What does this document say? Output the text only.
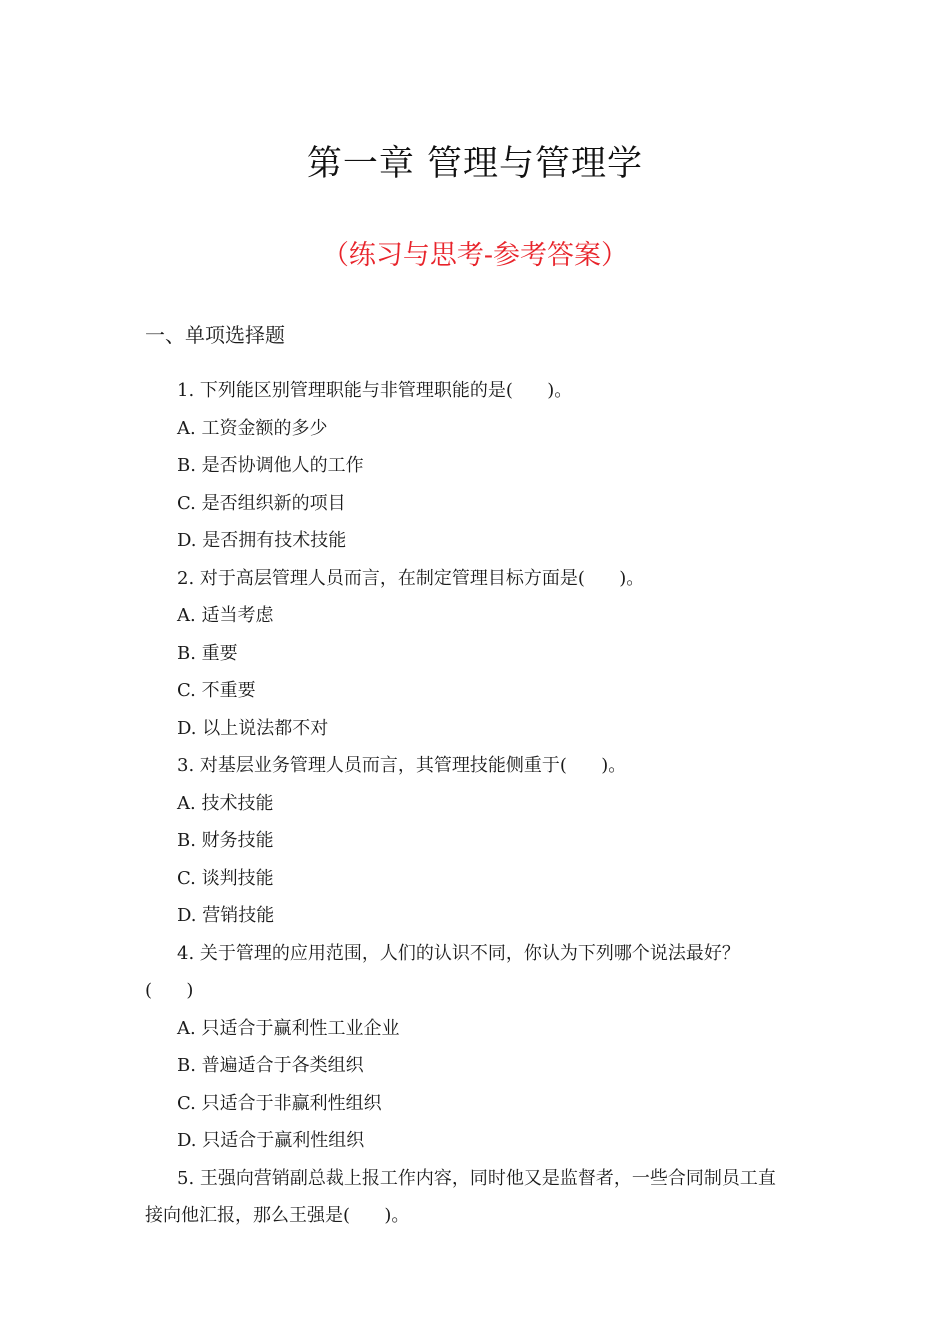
第一章 管理与管理学
（练习与思考-参考答案）
一、单项选择题
1. 下列能区别管理职能与非管理职能的是(      )。
A. 工资金额的多少
B. 是否协调他人的工作
C. 是否组织新的项目
D. 是否拥有技术技能
2. 对于高层管理人员而言，在制定管理目标方面是(      )。
A. 适当考虑
B. 重要
C. 不重要
D. 以上说法都不对
3. 对基层业务管理人员而言，其管理技能侧重于(      )。
A. 技术技能
B. 财务技能
C. 谈判技能
D. 营销技能
4. 关于管理的应用范围，人们的认识不同，你认为下列哪个说法最好？
(      )
A. 只适合于赢利性工业企业
B. 普遍适合于各类组织
C. 只适合于非赢利性组织
D. 只适合于赢利性组织
5. 王强向营销副总裁上报工作内容，同时他又是监督者，一些合同制员工直
接向他汇报，那么王强是(      )。
